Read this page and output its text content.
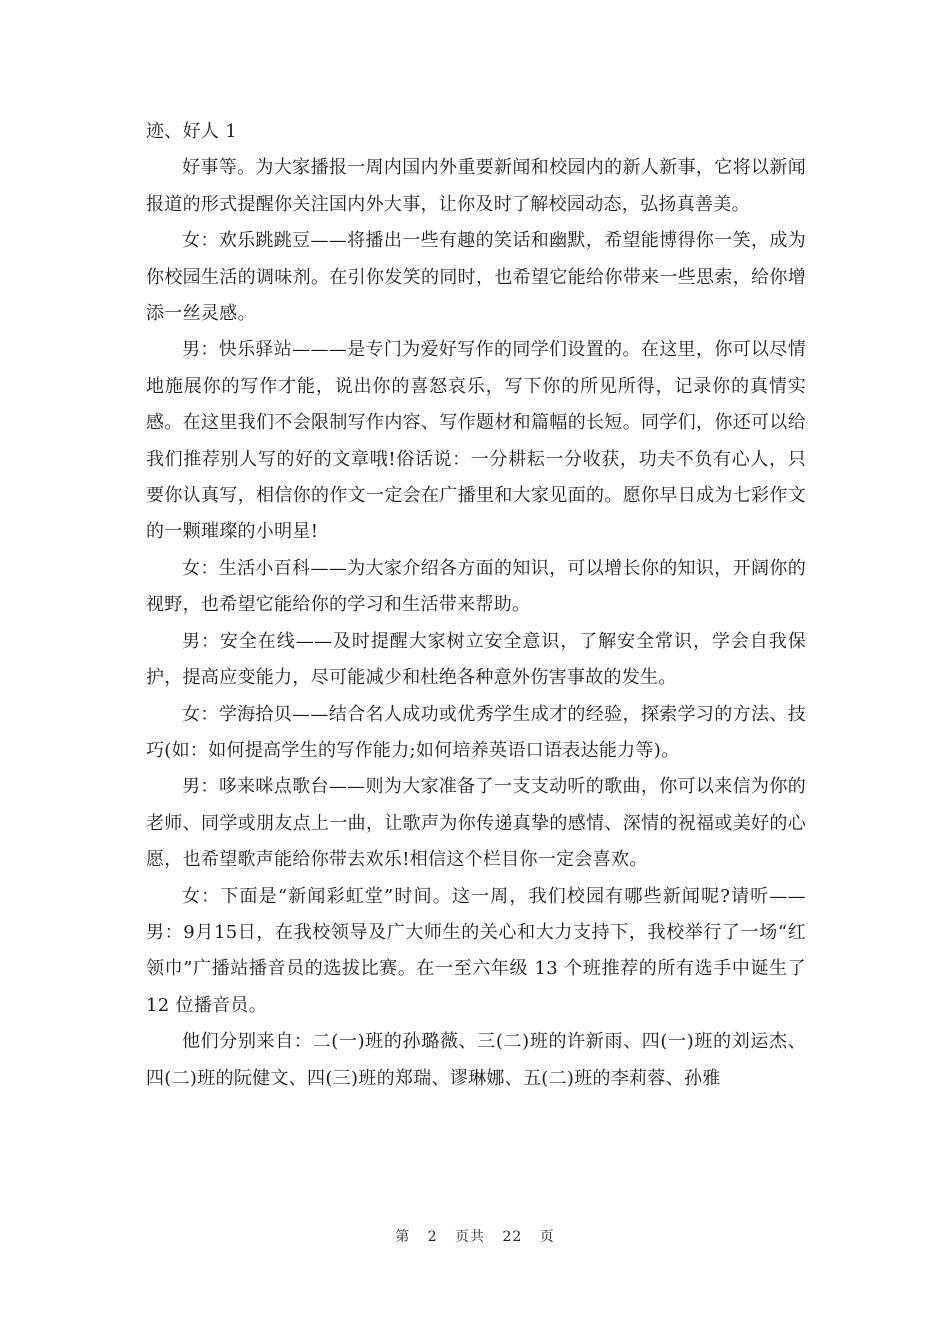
迹、好人 1

好事等。为大家播报一周内国内外重要新闻和校园内的新人新事，它将以新闻报道的形式提醒你关注国内外大事，让你及时了解校园动态，弘扬真善美。

女：欢乐跳跳豆——将播出一些有趣的笑话和幽默，希望能博得你一笑，成为你校园生活的调味剂。在引你发笑的同时，也希望它能给你带来一些思索，给你增添一丝灵感。

男：快乐驿站———是专门为爱好写作的同学们设置的。在这里，你可以尽情地施展你的写作才能，说出你的喜怒哀乐，写下你的所见所得，记录你的真情实感。在这里我们不会限制写作内容、写作题材和篇幅的长短。同学们，你还可以给我们推荐别人写的好的文章哦!俗话说：一分耕耘一分收获，功夫不负有心人，只要你认真写，相信你的作文一定会在广播里和大家见面的。愿你早日成为七彩作文的一颗璀璨的小明星!

女：生活小百科——为大家介绍各方面的知识，可以增长你的知识，开阔你的视野，也希望它能给你的学习和生活带来帮助。

男：安全在线——及时提醒大家树立安全意识，了解安全常识，学会自我保护，提高应变能力，尽可能减少和杜绝各种意外伤害事故的发生。

女：学海拾贝——结合名人成功或优秀学生成才的经验，探索学习的方法、技巧(如：如何提高学生的写作能力;如何培养英语口语表达能力等)。

男：哆来咪点歌台——则为大家准备了一支支动听的歌曲，你可以来信为你的老师、同学或朋友点上一曲，让歌声为你传递真挚的感情、深情的祝福或美好的心愿，也希望歌声能给你带去欢乐!相信这个栏目你一定会喜欢。

女：下面是“新闻彩虹堂”时间。这一周，我们校园有哪些新闻呢?请听—— 男：9月15日，在我校领导及广大师生的关心和大力支持下，我校举行了一场“红领巾”广播站播音员的选拔比赛。在一至六年级 13 个班推荐的所有选手中诞生了 12 位播音员。

他们分别来自：二(一)班的孙璐薇、三(二)班的许新雨、四(一)班的刘运杰、四(二)班的阮健文、四(三)班的郑瑞、谬琳娜、五(二)班的李莉蓉、孙雅

第 2 页共 22 页
